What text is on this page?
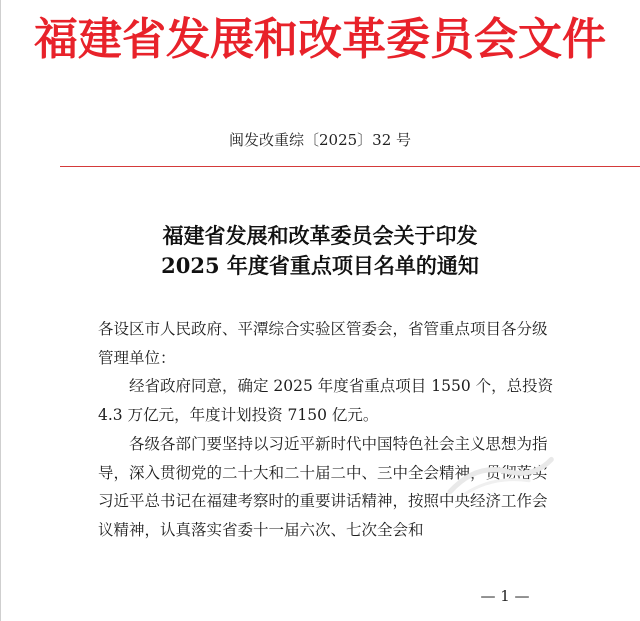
福建省发展和改革委员会文件
闽发改重综〔2025〕32 号
福建省发展和改革委员会关于印发
2025 年度省重点项目名单的通知
各设区市人民政府、平潭综合实验区管委会，省管重点项目各分级管理单位：
经省政府同意，确定 2025 年度省重点项目 1550 个，总投资 4.3 万亿元，年度计划投资 7150 亿元。
各级各部门要坚持以习近平新时代中国特色社会主义思想为指导，深入贯彻党的二十大和二十届二中、三中全会精神，贯彻落实习近平总书记在福建考察时的重要讲话精神，按照中央经济工作会议精神，认真落实省委十一届六次、七次全会和
— 1 —
